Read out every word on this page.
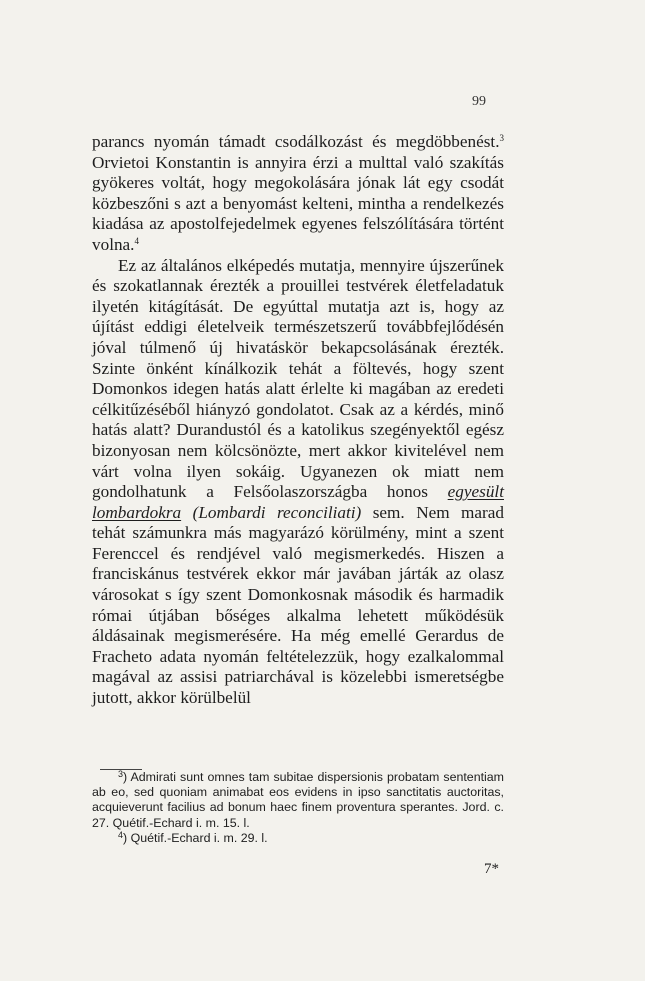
99

parancs nyomán támadt csodálkozást és megdöbbenést.$^3$ Orvietoi Konstantin is annyira érzi a multtal való szakítás gyökeres voltát, hogy megokolására jónak lát egy csodát közbeszőni s azt a benyomást kelteni, mintha a rendelkezés kiadása az apostolfejedelmek egyenes felszólítására történt volna.$^4$

Ez az általános elképedés mutatja, mennyire újszerűnek és szokatlannak érezték a prouillei testvérek életfeladatuk ilyetén kitágítását. De egyúttal mutatja azt is, hogy az újítást eddigi életelveik természetszerű továbbfejlődésén jóval túlmenő új hivatáskör bekapcsolásának érezték. Szinte önként kínálkozik tehát a föltevés, hogy szent Domonkos idegen hatás alatt érlelte ki magában az eredeti célkitűzéséből hiányzó gondolatot. Csak az a kérdés, minő hatás alatt? Durandustól és a katolikus szegényektől egész bizonyosan nem kölcsönözte, mert akkor kivitelével nem várt volna ilyen sokáig. Ugyanezen ok miatt nem gondolhatunk a Felsőolaszországba honos egyesült lombardokra (Lombardi reconciliati) sem. Nem marad tehát számunkra más magyarázó körülmény, mint a szent Ferenccel és rendjével való megismerkedés. Hiszen a franciskánus testvérek ekkor már javában járták az olasz városokat s így szent Domonkosnak második és harmadik római útjában bőséges alkalma lehetett működésük áldásainak megismerésére. Ha még emellé Gerardus de Fracheto adata nyomán feltételezzük, hogy ezalkalommal magával az assisi patriarchával is közelebbi ismeretségbe jutott, akkor körülbelül

$^3$) Admirati sunt omnes tam subitae dispersionis probatam sententiam ab eo, sed quoniam animabat eos evidens in ipso sanctitatis auctoritas, acquieverunt facilius ad bonum haec finem proventura sperantes. Jord. c. 27. Quétif.-Echard i. m. 15. l.

$^4$) Quétif.-Echard i. m. 29. l.

7*
